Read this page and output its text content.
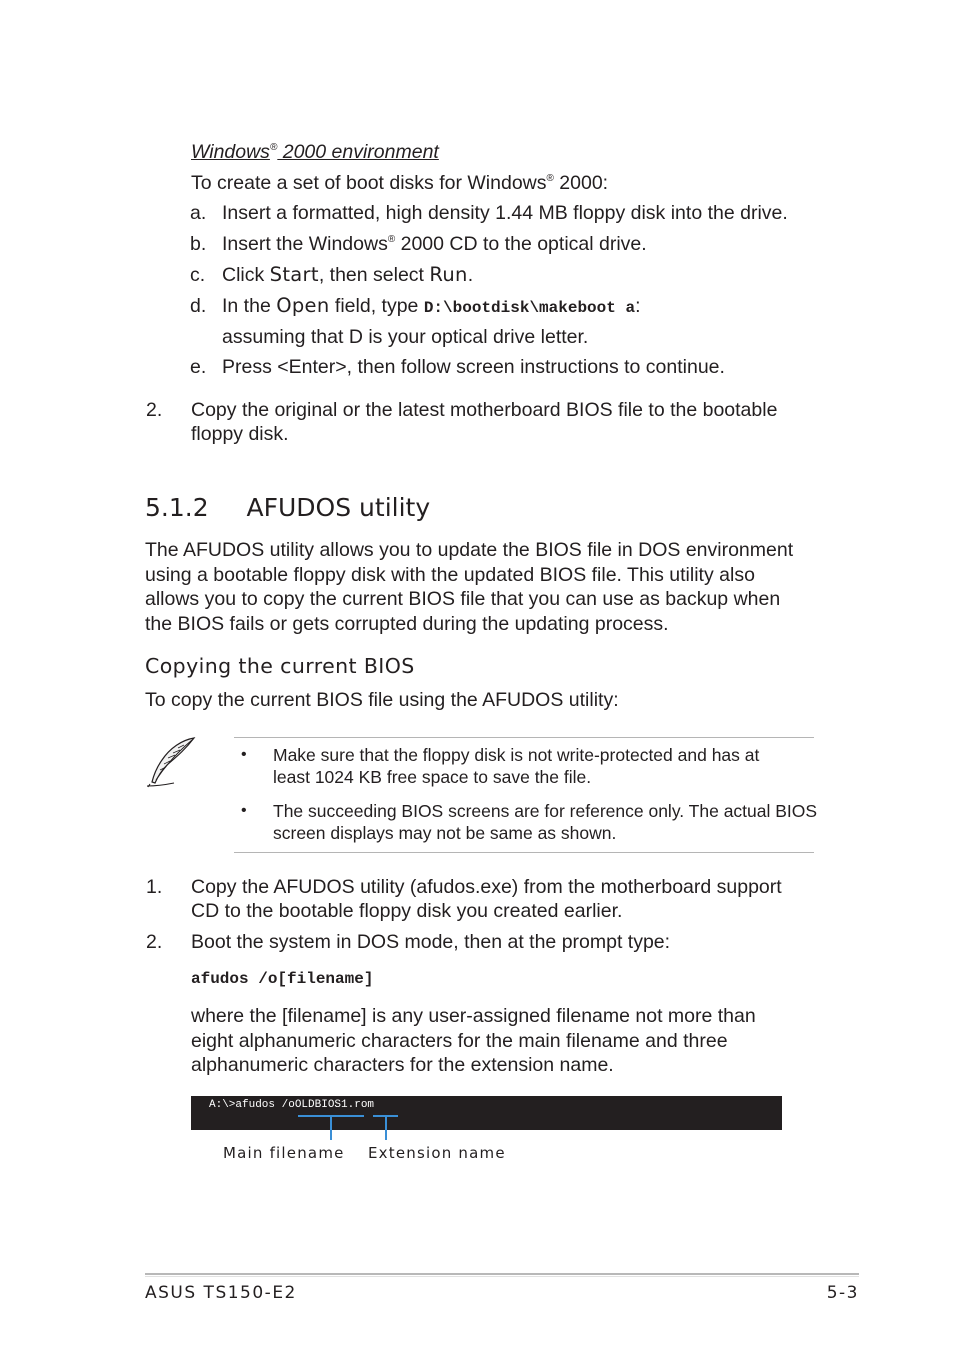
Windows® 2000 environment
To create a set of boot disks for Windows® 2000:
a. Insert a formatted, high density 1.44 MB floppy disk into the drive.
b. Insert the Windows® 2000 CD to the optical drive.
c. Click Start, then select Run.
d. In the Open field, type D:\bootdisk\makeboot a:
assuming that D is your optical drive letter.
e. Press <Enter>, then follow screen instructions to continue.
2. Copy the original or the latest motherboard BIOS file to the bootable
floppy disk.
5.1.2 AFUDOS utility
The AFUDOS utility allows you to update the BIOS file in DOS environment
using a bootable floppy disk with the updated BIOS file. This utility also
allows you to copy the current BIOS file that you can use as backup when
the BIOS fails or gets corrupted during the updating process.
Copying the current BIOS
To copy the current BIOS file using the AFUDOS utility:
• Make sure that the floppy disk is not write-protected and has at
least 1024 KB free space to save the file.
• The succeeding BIOS screens are for reference only. The actual BIOS
screen displays may not be same as shown.
1. Copy the AFUDOS utility (afudos.exe) from the motherboard support
CD to the bootable floppy disk you created earlier.
2. Boot the system in DOS mode, then at the prompt type:
afudos /o[filename]
where the [filename] is any user-assigned filename not more than
eight alphanumeric characters for the main filename and three
alphanumeric characters for the extension name.
A:\>afudos /oOLDBIOS1.rom
Main filename Extension name
ASUS TS150-E2	5-3
